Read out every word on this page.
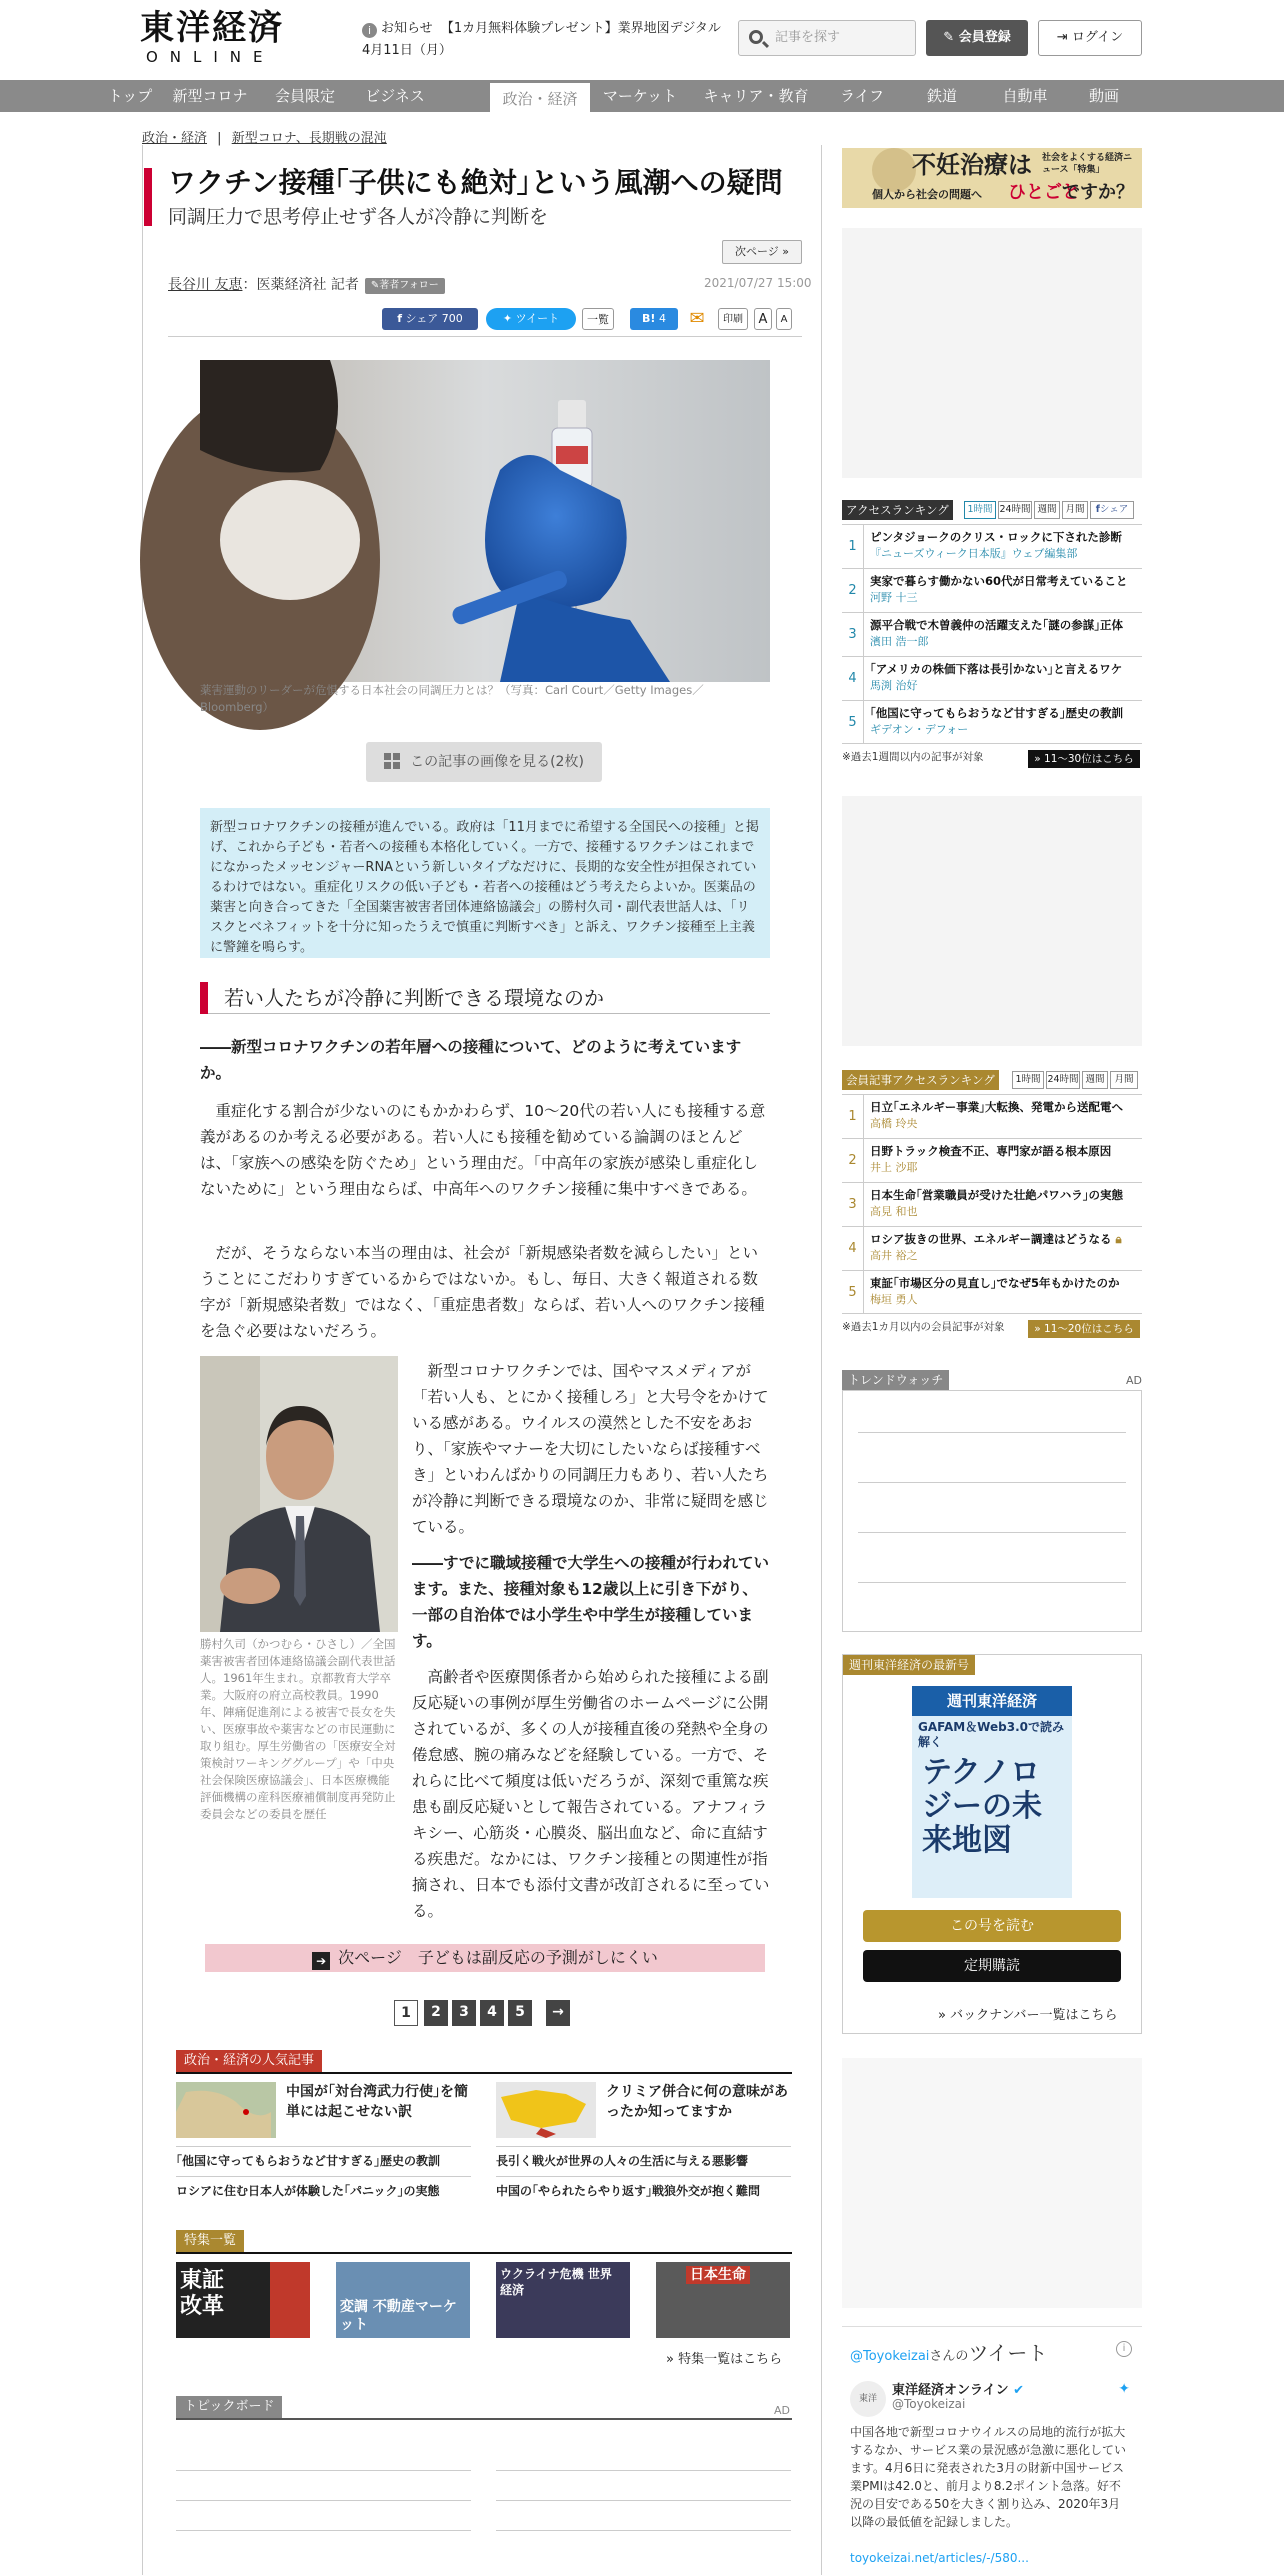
東洋経済
ONLINE
i お知らせ 【1カ月無料体験プレゼント】業界地図デジタル
4月11日（月）
記事を探す	✎ 会員登録	⇥ ログイン
トップ	新型コロナ	会員限定	ビジネス	政治・経済	マーケット	キャリア・教育	ライフ	鉄道	自動車	動画
政治・経済 | 新型コロナ、長期戦の混沌
ワクチン接種｢子供にも絶対｣という風潮への疑問
同調圧力で思考停止せず各人が冷静に判断を
次ページ »
長谷川 友恵：医薬経済社 記者 ✎著者フォロー	2021/07/27 15:00
f シェア 700	✦ ツイート	一覧	B! 4	✉	印刷	A	A
薬害運動のリーダーが危惧する日本社会の同調圧力とは？（写真：Carl Court／Getty Images／Bloomberg）
この記事の画像を見る(2枚)
新型コロナワクチンの接種が進んでいる。政府は「11月までに希望する全国民への接種」と掲げ、これから子ども・若者への接種も本格化していく。一方で、接種するワクチンはこれまでになかったメッセンジャーRNAという新しいタイプなだけに、長期的な安全性が担保されているわけではない。重症化リスクの低い子ども・若者への接種はどう考えたらよいか。医薬品の薬害と向き合ってきた「全国薬害被害者団体連絡協議会」の勝村久司・副代表世話人は、「リスクとベネフィットを十分に知ったうえで慎重に判断すべき」と訴え、ワクチン接種至上主義に警鐘を鳴らす。
若い人たちが冷静に判断できる環境なのか
――新型コロナワクチンの若年層への接種について、どのように考えていますか。
重症化する割合が少ないのにもかかわらず、10～20代の若い人にも接種する意義があるのか考える必要がある。若い人にも接種を勧めている論調のほとんどは、「家族への感染を防ぐため」という理由だ。「中高年の家族が感染し重症化しないために」という理由ならば、中高年へのワクチン接種に集中すべきである。
だが、そうならない本当の理由は、社会が「新規感染者数を減らしたい」ということにこだわりすぎているからではないか。もし、毎日、大きく報道される数字が「新規感染者数」ではなく、「重症患者数」ならば、若い人へのワクチン接種を急ぐ必要はないだろう。
勝村久司（かつむら・ひさし）／全国薬害被害者団体連絡協議会副代表世話人。1961年生まれ。京都教育大学卒業。大阪府の府立高校教員。1990年、陣痛促進剤による被害で長女を失い、医療事故や薬害などの市民運動に取り組む。厚生労働省の「医療安全対策検討ワーキンググループ」や「中央社会保険医療協議会」、日本医療機能評価機構の産科医療補償制度再発防止委員会などの委員を歴任
新型コロナワクチンでは、国やマスメディアが「若い人も、とにかく接種しろ」と大号令をかけている感がある。ウイルスの漠然とした不安をあおり、「家族やマナーを大切にしたいならば接種すべき」といわんばかりの同調圧力もあり、若い人たちが冷静に判断できる環境なのか、非常に疑問を感じている。
――すでに職域接種で大学生への接種が行われています。また、接種対象も12歳以上に引き下がり、一部の自治体では小学生や中学生が接種しています。
高齢者や医療関係者から始められた接種による副反応疑いの事例が厚生労働省のホームページに公開されているが、多くの人が接種直後の発熱や全身の倦怠感、腕の痛みなどを経験している。一方で、それらに比べて頻度は低いだろうが、深刻で重篤な疾患も副反応疑いとして報告されている。アナフィラキシー、心筋炎・心膜炎、脳出血など、命に直結する疾患だ。なかには、ワクチン接種との関連性が指摘され、日本でも添付文書が改訂されるに至っている。
➔ 次ページ　子どもは副反応の予測がしにくい
1	2	3	4	5	→
政治・経済の人気記事
中国が｢対台湾武力行使｣を簡単には起こせない訳
クリミア併合に何の意味があったか知ってますか
｢他国に守ってもらおうなど甘すぎる｣歴史の教訓	長引く戦火が世界の人々の生活に与える悪影響
ロシアに住む日本人が体験した｢パニック｣の実態	中国の｢やられたらやり返す｣戦狼外交が抱く難問
特集一覧
東証改革	変調 不動産マーケット
ウクライナ危機 世界経済
日本生命
» 特集一覧はこちら
トピックボード	AD
不妊治療は 社会をよくする経済ニュース「特集」
個人から社会の問題へ ひとごと
ですか？
アクセスランキング	1時間 24時間 週間 月間	fシェア
1
ピンタジョークのクリス・ロックに下された診断
『ニューズウィーク日本版』ウェブ編集部
2
実家で暮らす働かない60代が日常考えていること
河野 十三
3
源平合戦で木曽義仲の活躍支えた｢謎の参謀｣正体
濱田 浩一郎
4
｢アメリカの株価下落は長引かない｣と言えるワケ
馬渕 治好
5
｢他国に守ってもらおうなど甘すぎる｣歴史の教訓
ギデオン・デフォー
※過去1週間以内の記事が対象	» 11～30位はこちら
会員記事アクセスランキング	1時間 24時間 週間	月間
1
日立｢エネルギー事業｣大転換、発電から送配電へ
高橋 玲央
2
日野トラック検査不正、専門家が語る根本原因
井上 沙耶
3
日本生命｢営業職員が受けた壮絶パワハラ｣の実態
高見 和也
4
ロシア抜きの世界、エネルギー調達はどうなる 🔒︎
高井 裕之
5
東証｢市場区分の見直し｣でなぜ5年もかけたのか
梅垣 勇人
※過去1カ月以内の会員記事が対象	» 11～20位はこちら
トレンドウォッチ	AD
週刊東洋経済の最新号
週刊東洋経済
GAFAM＆Web3.0で読み解く
テクノロジーの未来地図
この号を読む
定期購読
» バックナンバー一覧はこちら
@Toyokeizaiさんのツイート	i
東洋
東洋経済オンライン ✔
@Toyokeizai
✦
中国各地で新型コロナウイルスの局地的流行が拡大するなか、サービス業の景況感が急激に悪化しています。4月6日に発表された3月の財新中国サービス業PMIは42.0と、前月より8.2ポイント急落。好不況の目安である50を大きく割り込み、2020年3月以降の最低値を記録しました。
toyokeizai.net/articles/-/580...
